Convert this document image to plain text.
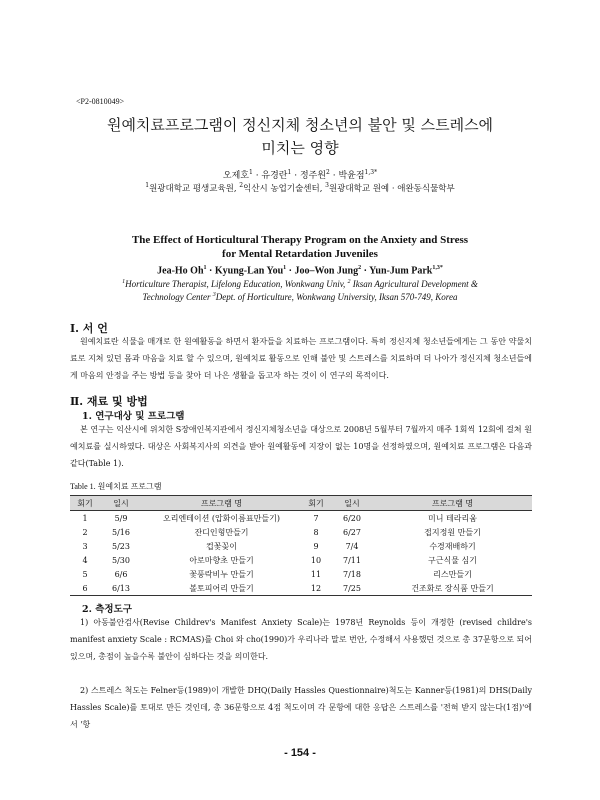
<P2-0810049>
원예치료프로그램이 정신지체 청소년의 불안 및 스트레스에
미치는 영향
오제호$^1$ · 유경란$^1$ · 정주원$^2$ · 박윤점$^{1,3*}$
$^1$원광대학교 평생교육원, $^2$익산시 농업기술센터, $^3$원광대학교 원예 · 애완동식물학부
The Effect of Horticultural Therapy Program on the Anxiety and Stress
for Mental Retardation Juveniles
Jea-Ho $Oh^1$ · Kyung-Lan You$^1$ · Joo–Won Jung$^2$ · Yun-Jum Park$^{1,3*}$
$^1$Horticulture Therapist, Lifelong Education, Wonkwang Univ, $^2$ Iksan Agricultural Development &
Technology Center $^3$Dept. of Horticulture, Wonkwang University, Iksan 570-749, Korea
Ⅰ. 서 언
원예치료란 식물을 매개로 한 원예활동을 하면서 환자들을 치료하는 프로그램이다. 특히 정신지체 청소년들에게는 그 동안 약물치료로 지쳐 있던 몸과 마음을 치료 할 수 있으며, 원예치료 활동으로 인해 불안 및 스트레스를 치료하며 더 나아가 정신지체 청소년들에게 마음의 안정을 주는 방법 등을 찾아 더 나은 생활을 돕고자 하는 것이 이 연구의 목적이다.
Ⅱ. 재료 및 방법
1. 연구대상 및 프로그램
본 연구는 익산시에 위치한 S장애인복지관에서 정신지체청소년을 대상으로 2008년 5월부터 7월까지 매주 1회씩 12회에 걸쳐 원예치료를 실시하였다. 대상은 사회복지사의 의견을 받아 원예활동에 지장이 없는 10명을 선정하였으며, 원예치료 프로그램은 다음과 같다(Table 1).
Table 1. 원예치료 프로그램
회기	일시	프로그램 명	회기	일시	프로그램 명
1	5/9	오리엔테이션 (압화이름표만들기)	7	6/20	미니 테라리움
2	5/16	잔디인형만들기	8	6/27	접지정원 만들기
3	5/23	컵꽃꽂이	9	7/4	수경재배하기
4	5/30	아로마향초 만들기	10	7/11	구근식물 심기
5	6/6	꽃풍락비누 만들기	11	7/18	리스만들기
6	6/13	볼토피어리 만들기	12	7/25	건조화로 장식품 만들기
2. 측정도구
1) 아동불안검사(Revise Childrev's Manifest Anxiety Scale)는 1978년 Reynolds 등이 개정한 (revised childre's manifest anxiety Scale : RCMAS)를 Choi 와 cho(1990)가 우리나라 말로 번안, 수정해서 사용했던 것으로 총 37문항으로 되어 있으며, 총점이 높을수록 불안이 심하다는 것을 의미한다.
2) 스트레스 척도는 Felner등(1989)이 개발한 DHQ(Daily Hassles Questionnaire)척도는 Kanner등(1981)의 DHS(Daily Hassles Scale)를 토대로 만든 것인데, 총 36문항으로 4점 척도이며 각 문항에 대한 응답은 스트레스를 '전혀 받지 않는다(1점)'에서 '항
- 154 -
